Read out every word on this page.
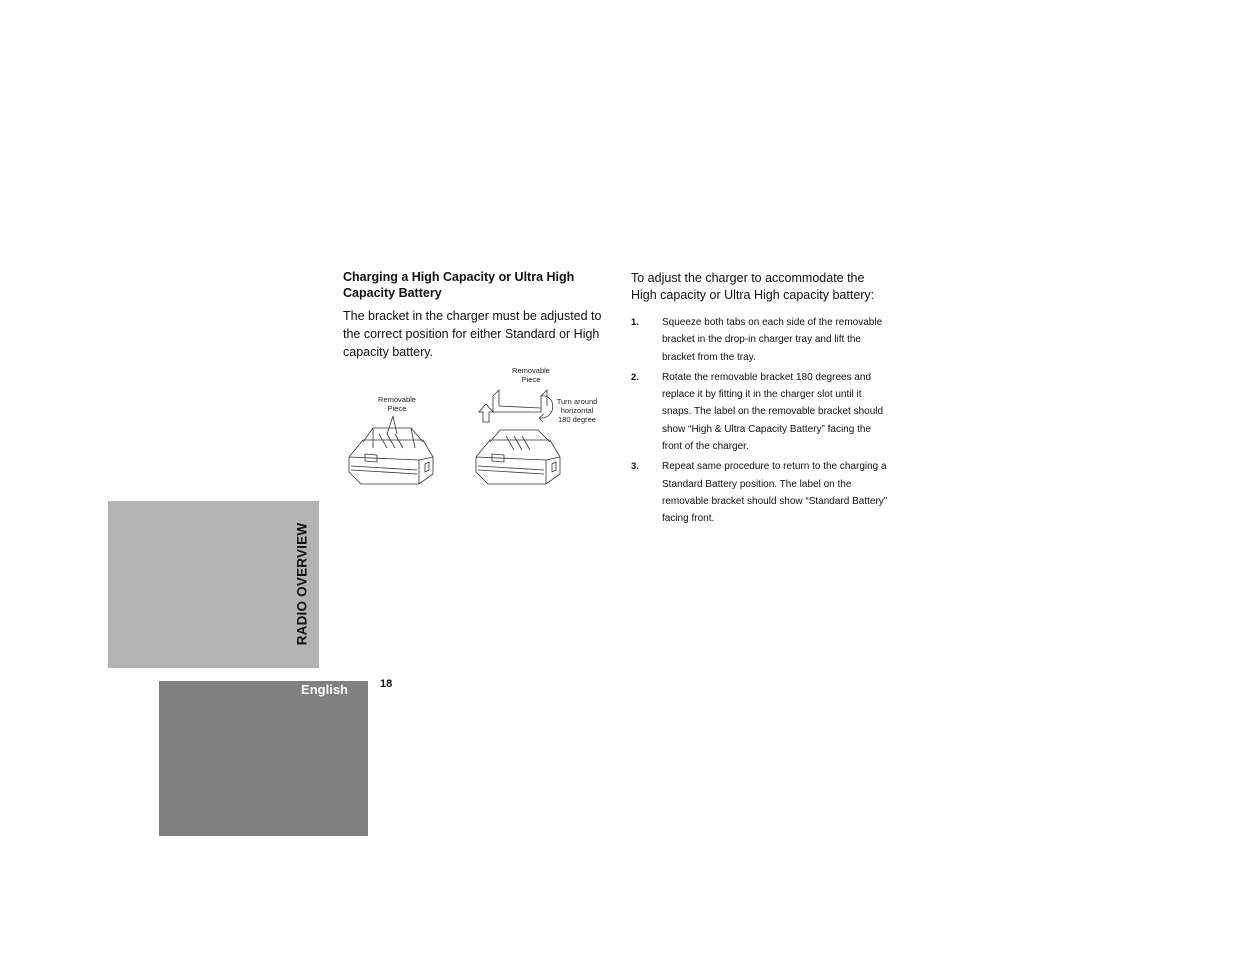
RADIO OVERVIEW
English	18

Charging a High Capacity or Ultra High Capacity Battery

The bracket in the charger must be adjusted to the correct position for either Standard or High capacity battery.

Removable
Piece
Removable
Piece
Turn around
horizontal
180 degree

To adjust the charger to accommodate the High capacity or Ultra High capacity battery:

1. Squeeze both tabs on each side of the removable bracket in the drop-in charger tray and lift the bracket from the tray.
2. Rotate the removable bracket 180 degrees and replace it by fitting it in the charger slot until it snaps. The label on the removable bracket should show “High & Ultra Capacity Battery” facing the front of the charger.
3. Repeat same procedure to return to the charging a Standard Battery position. The label on the removable bracket should show “Standard Battery” facing front.
